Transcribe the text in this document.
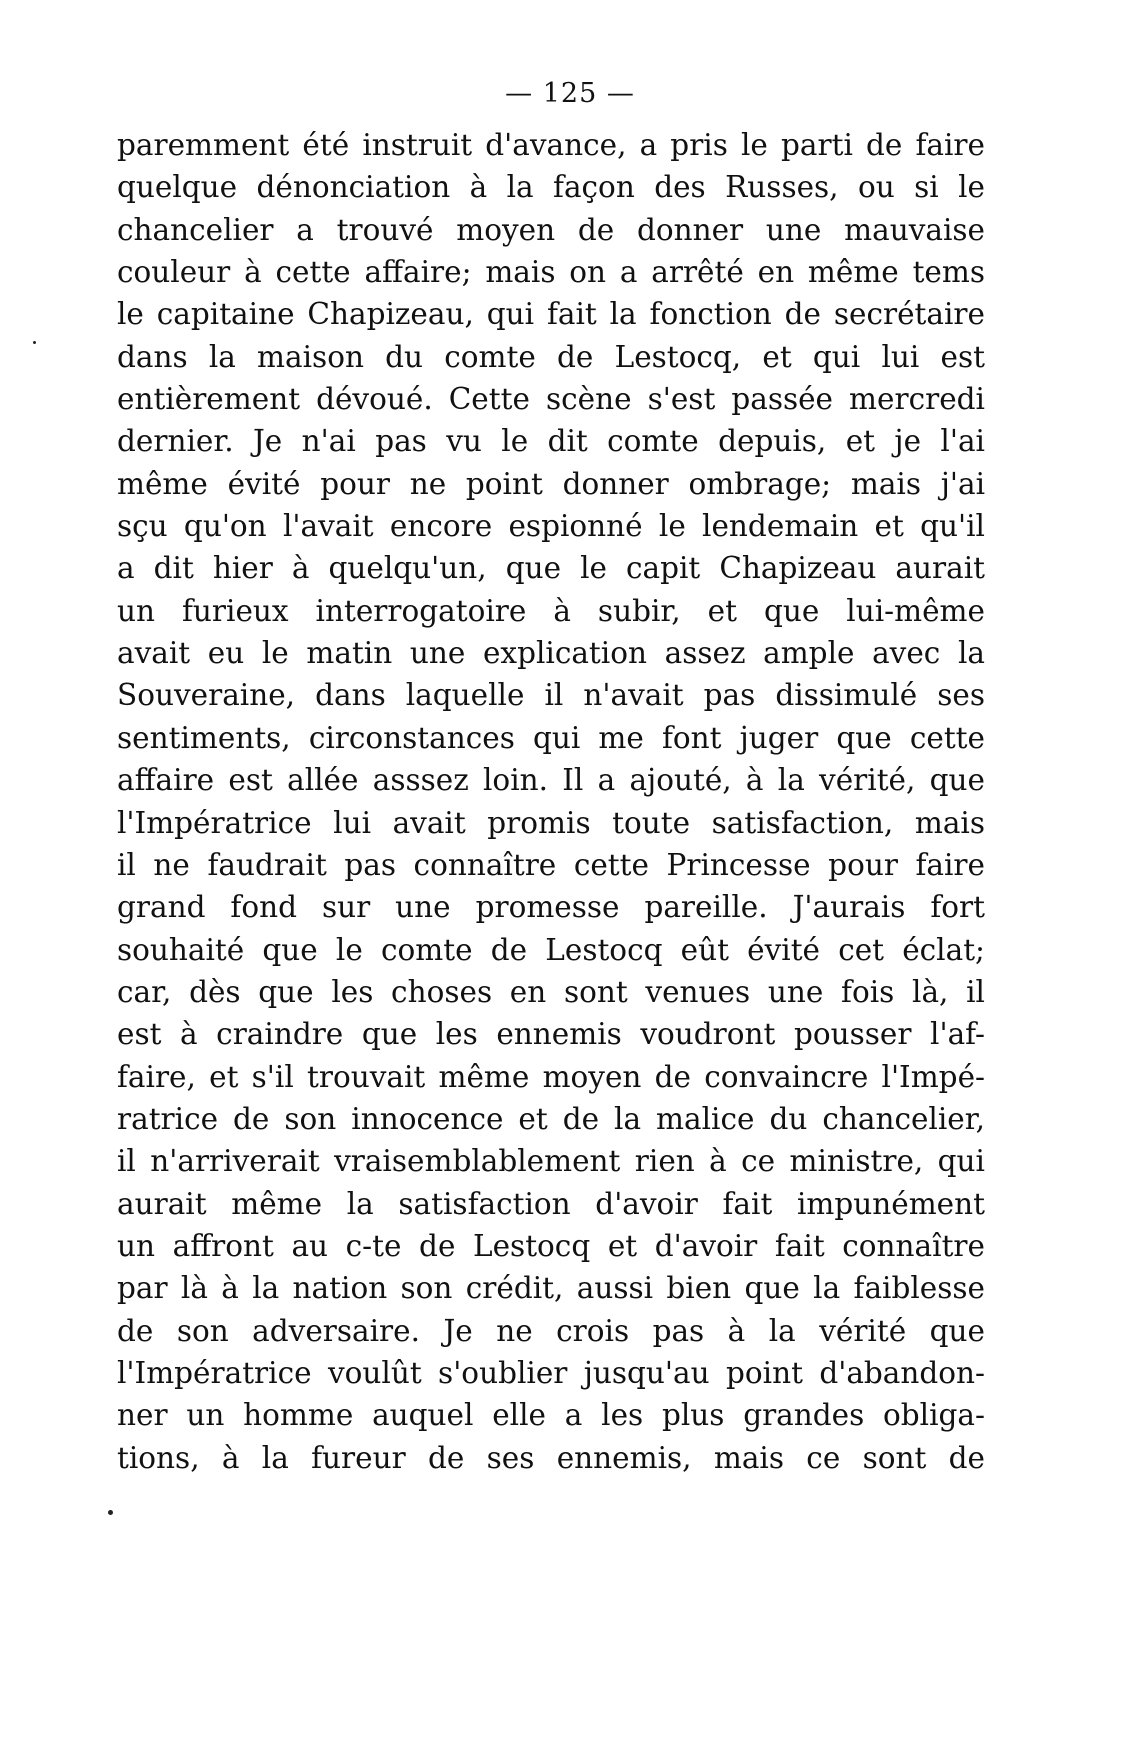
— 125 —
paremment été instruit d'avance, a pris le parti de faire
quelque dénonciation à la façon des Russes, ou si le
chancelier a trouvé moyen de donner une mauvaise
couleur à cette affaire; mais on a arrêté en même tems
le capitaine Chapizeau, qui fait la fonction de secrétaire
dans la maison du comte de Lestocq, et qui lui est
entièrement dévoué. Cette scène s'est passée mercredi
dernier. Je n'ai pas vu le dit comte depuis, et je l'ai
même évité pour ne point donner ombrage; mais j'ai
sçu qu'on l'avait encore espionné le lendemain et qu'il
a dit hier à quelqu'un, que le capit Chapizeau aurait
un furieux interrogatoire à subir, et que lui-même
avait eu le matin une explication assez ample avec la
Souveraine, dans laquelle il n'avait pas dissimulé ses
sentiments, circonstances qui me font juger que cette
affaire est allée asssez loin. Il a ajouté, à la vérité, que
l'Impératrice lui avait promis toute satisfaction, mais
il ne faudrait pas connaître cette Princesse pour faire
grand fond sur une promesse pareille. J'aurais fort
souhaité que le comte de Lestocq eût évité cet éclat;
car, dès que les choses en sont venues une fois là, il
est à craindre que les ennemis voudront pousser l'af-
faire, et s'il trouvait même moyen de convaincre l'Impé-
ratrice de son innocence et de la malice du chancelier,
il n'arriverait vraisemblablement rien à ce ministre, qui
aurait même la satisfaction d'avoir fait impunément
un affront au c-te de Lestocq et d'avoir fait connaître
par là à la nation son crédit, aussi bien que la faiblesse
de son adversaire. Je ne crois pas à la vérité que
l'Impératrice voulût s'oublier jusqu'au point d'abandon-
ner un homme auquel elle a les plus grandes obliga-
tions, à la fureur de ses ennemis, mais ce sont de
